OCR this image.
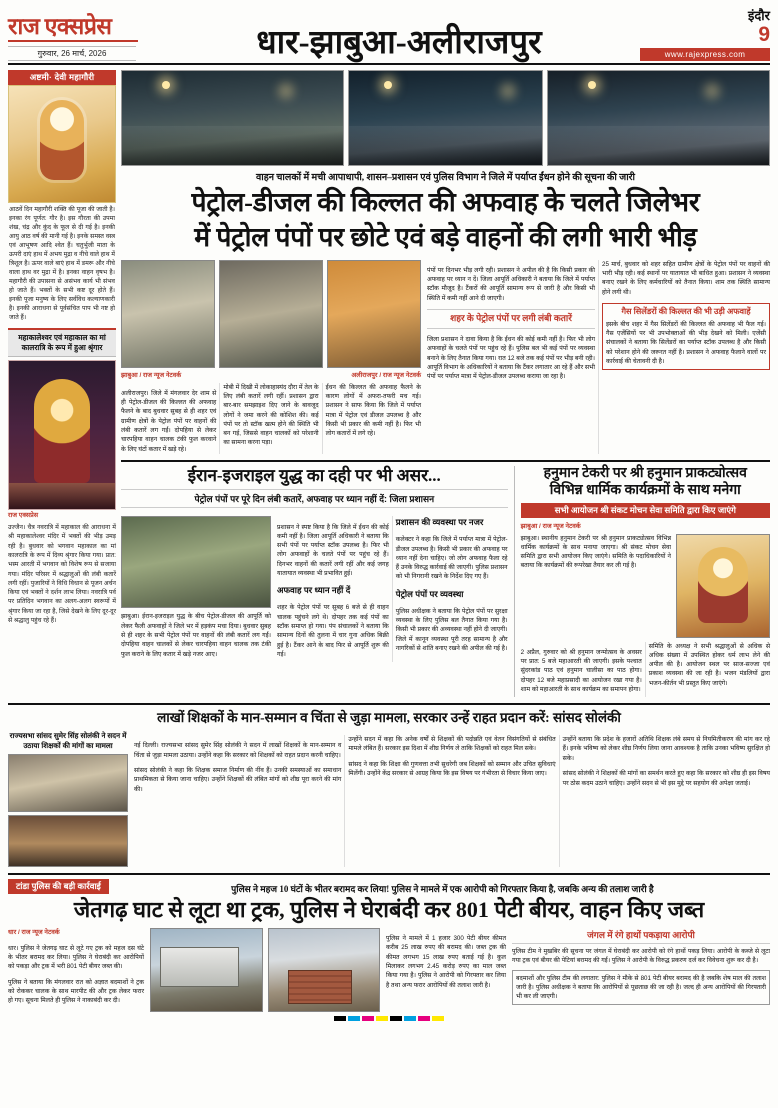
राज एक्सप्रेस
गुरुवार, 26 मार्च, 2026	धार-झाबुआ-अलीराजपुर
इंदौर
9
www.rajexpress.com
अष्टमी· देवी महागौरी
आठवें दिन महागौरी शक्ति की पूजा की जाती है। इनका रंग पूर्णत: गौर है। इस गौरता की उपमा शंख, चंद्र और कुंद के फूल से दी गई है। इनकी आयु आठ वर्ष की मानी गई है। इनके समस्त वस्त्र एवं आभूषण आदि श्वेत हैं। चतुर्भुजी माता के ऊपरी दाएं हाथ में अभय मुद्रा व नीचे वाले हाथ में त्रिशूल है। ऊपर वाले बाएं हाथ में डमरू और नीचे वाला हाथ वर मुद्रा में है। इनका वाहन वृषभ है। महागौरी की उपासना से असंभव कार्य भी संभव हो जाते हैं। भक्तों के सभी कष्ट दूर होते हैं। इनकी पूजा मनुष्य के लिए सर्वविध कल्याणकारी है। इनकी आराधना से पूर्वसंचित पाप भी नष्ट हो जाते हैं।
महाकालेश्वर एवं महाकाल का मां कालरात्रि के रूप में हुआ श्रृंगार
राज एक्सप्रेस
उज्जैन। चैत्र नवरात्रि में महाकाल की आराधना में श्री महाकालेश्वर मंदिर में भक्तों की भीड़ उमड़ रही है। बुधवार को भगवान महाकाल का मां कालरात्रि के रूप में दिव्य श्रृंगार किया गया। प्रात: भस्म आरती में भगवान को विशेष रूप से सजाया गया। मंदिर परिसर में श्रद्धालुओं की लंबी कतारें लगी रहीं। पुजारियों ने विधि विधान से पूजन अर्चन किया एवं भक्तों ने दर्शन लाभ लिया। नवरात्रि पर्व पर प्रतिदिन भगवान का अलग-अलग स्वरूपों में श्रृंगार किया जा रहा है, जिसे देखने के लिए दूर-दूर से श्रद्धालु पहुंच रहे हैं।
वाहन चालकों में मची आपाधापी, शासन–प्रशासन एवं पुलिस विभाग ने जिले में पर्याप्त ईंधन होने की सूचना की जारी
पेट्रोल-डीजल की किल्लत की अफवाह के चलते जिलेभर
में पेट्रोल पंपों पर छोटे एवं बड़े वाहनों की लगी भारी भीड़
झाबुआ / राज न्यूज नेटवर्क	अलीराजपुर / राज न्यूज नेटवर्क

अलीराजपुर। जिले में मंगलवार देर शाम से ही पेट्रोल-डीजल की किल्लत की अफवाह फैलने के बाद बुधवार सुबह से ही शहर एवं ग्रामीण क्षेत्रों के पेट्रोल पंपों पर वाहनों की लंबी कतारें लग गईं। दोपहिया से लेकर चारपहिया वाहन चालक टंकी फुल करवाने के लिए घंटों कतार में खड़े रहे।

मोबी में दिखी में लोकाहास्यंद दौरा में तेल के लिए लंबी कतारें लगी रहीं। प्रशासन द्वारा बार-बार समझाइश दिए जाने के बावजूद लोगों ने जमा करने की कोशिश की। कई पंपों पर तो स्टॉक खत्म होने की स्थिति भी बन गई, जिससे वाहन चालकों को परेशानी का सामना करना पड़ा।

ईंधन की किल्लत की अफवाह फैलने के कारण लोगों में अफरा-तफरी मच गई। प्रशासन ने साफ किया कि जिले में पर्याप्त मात्रा में पेट्रोल एवं डीजल उपलब्ध है और किसी भी प्रकार की कमी नहीं है। फिर भी लोग कतारों में लगे रहे।

पंपों पर दिनभर भीड़ लगी रही। प्रशासन ने अपील की है कि किसी प्रकार की अफवाह पर ध्यान न दें। जिला आपूर्ति अधिकारी ने बताया कि जिले में पर्याप्त स्टॉक मौजूद है। टैंकरों की आपूर्ति सामान्य रूप से जारी है और किसी भी स्थिति में कमी नहीं आने दी जाएगी।

शहर के पेट्रोल पंपों पर लगी लंबी कतारें

जिला प्रशासन ने दावा किया है कि ईंधन की कोई कमी नहीं है। फिर भी लोग अफवाहों के चलते पंपों पर पहुंच रहे हैं। पुलिस बल भी कई पंपों पर व्यवस्था बनाने के लिए तैनात किया गया। रात 12 बजे तक कई पंपों पर भीड़ बनी रही। आपूर्ति विभाग के अधिकारियों ने बताया कि टैंकर लगातार आ रहे हैं और सभी पंपों पर पर्याप्त मात्रा में पेट्रोल-डीजल उपलब्ध कराया जा रहा है।

25 मार्च, बुधवार को शहर सहित ग्रामीण क्षेत्रों के पेट्रोल पंपों पर वाहनों की भारी भीड़ रही। कई स्थानों पर यातायात भी बाधित हुआ। प्रशासन ने व्यवस्था बनाए रखने के लिए कर्मचारियों को तैनात किया। शाम तक स्थिति सामान्य होने लगी थी।

गैस सिलेंडरों की किल्लत की भी उड़ी अफवाहें
इसके बीच शहर में गैस सिलेंडरों की किल्लत की अफवाह भी फैल गई। गैस एजेंसियों पर भी उपभोक्ताओं की भीड़ देखने को मिली। एजेंसी संचालकों ने बताया कि सिलेंडरों का पर्याप्त स्टॉक उपलब्ध है और किसी को परेशान होने की जरूरत नहीं है। प्रशासन ने अफवाह फैलाने वालों पर कार्रवाई की चेतावनी दी है।
ईरान-इजराइल युद्ध का दही पर भी असर...
पेट्रोल पंपों पर पूरे दिन लंबी कतारें, अफवाह पर ध्यान नहीं दें: जिला प्रशासन
झाबुआ। ईरान-इजराइल युद्ध के बीच पेट्रोल-डीजल की आपूर्ति को लेकर फैली अफवाहों ने जिले भर में हड़कंप मचा दिया। बुधवार सुबह से ही शहर के सभी पेट्रोल पंपों पर वाहनों की लंबी कतारें लग गईं। दोपहिया वाहन चालकों से लेकर चारपहिया वाहन चालक तक टंकी फुल कराने के लिए कतार में खड़े नजर आए।

प्रशासन ने स्पष्ट किया है कि जिले में ईंधन की कोई कमी नहीं है। जिला आपूर्ति अधिकारी ने बताया कि सभी पंपों पर पर्याप्त स्टॉक उपलब्ध है। फिर भी लोग अफवाहों के चलते पंपों पर पहुंच रहे हैं। दिनभर वाहनों की कतारें लगी रहीं और कई जगह यातायात व्यवस्था भी प्रभावित हुई।

अफवाह पर ध्यान नहीं दें

शहर के पेट्रोल पंपों पर सुबह 6 बजे से ही वाहन चालक पहुंचने लगे थे। दोपहर तक कई पंपों का स्टॉक समाप्त हो गया। पंप संचालकों ने बताया कि सामान्य दिनों की तुलना में चार गुना अधिक बिक्री हुई है। टैंकर आने के बाद फिर से आपूर्ति शुरू की गई।

प्रशासन की व्यवस्था पर नजर

कलेक्टर ने कहा कि जिले में पर्याप्त मात्रा में पेट्रोल-डीजल उपलब्ध है। किसी भी प्रकार की अफवाह पर ध्यान नहीं देना चाहिए। जो लोग अफवाह फैला रहे हैं उनके विरुद्ध कार्रवाई की जाएगी। पुलिस प्रशासन को भी निगरानी रखने के निर्देश दिए गए हैं।

पेट्रोल पंपों पर व्यवस्था

पुलिस अधीक्षक ने बताया कि पेट्रोल पंपों पर सुरक्षा व्यवस्था के लिए पुलिस बल तैनात किया गया है। किसी भी प्रकार की अव्यवस्था नहीं होने दी जाएगी। जिले में कानून व्यवस्था पूरी तरह सामान्य है और नागरिकों से शांति बनाए रखने की अपील की गई है।

हनुमान टेकरी पर श्री हनुमान प्राकट्योत्सव
विभिन्न धार्मिक कार्यक्रमों के साथ मनेगा
सभी आयोजन श्री संकट मोचन सेवा समिति द्वारा किए जाएंगे
झाबुआ / राज न्यूज नेटवर्क
झाबुआ। स्थानीय हनुमान टेकरी पर श्री हनुमान प्राकट्योत्सव विभिन्न धार्मिक कार्यक्रमों के साथ मनाया जाएगा। श्री संकट मोचन सेवा समिति द्वारा सभी आयोजन किए जाएंगे। समिति के पदाधिकारियों ने बताया कि कार्यक्रमों की रूपरेखा तैयार कर ली गई है।

2 अप्रैल, गुरुवार को श्री हनुमान जन्मोत्सव के अवसर पर प्रात: 5 बजे महाआरती की जाएगी। इसके पश्चात सुंदरकांड पाठ एवं हनुमान चालीसा का पाठ होगा। दोपहर 12 बजे महाप्रसादी का आयोजन रखा गया है। शाम को महाआरती के साथ कार्यक्रम का समापन होगा।

समिति के अध्यक्ष ने सभी श्रद्धालुओं से अधिक से अधिक संख्या में उपस्थित होकर धर्म लाभ लेने की अपील की है। आयोजन स्थल पर साज-सज्जा एवं प्रकाश व्यवस्था की जा रही है। भजन मंडलियों द्वारा भजन-कीर्तन भी प्रस्तुत किए जाएंगे।

लाखों शिक्षकों के मान-सम्मान व चिंता से जुड़ा मामला, सरकार उन्हें राहत प्रदान करें: सांसद सोलंकी
राज्यसभा सांसद सुमेर सिंह सोलंकी ने सदन में उठाया शिक्षकों की मांगों का मामला	नई दिल्ली। राज्यसभा सांसद सुमेर सिंह सोलंकी ने सदन में लाखों शिक्षकों के मान-सम्मान व चिंता से जुड़ा मामला उठाया। उन्होंने कहा कि सरकार को शिक्षकों को राहत प्रदान करनी चाहिए।

सांसद सोलंकी ने कहा कि शिक्षक समाज निर्माण की नींव हैं। उनकी समस्याओं का समाधान प्राथमिकता से किया जाना चाहिए। उन्होंने शिक्षकों की लंबित मांगों को शीघ्र पूरा करने की मांग की।

उन्होंने सदन में कहा कि अनेक वर्षों से शिक्षकों की पदोन्नति एवं वेतन विसंगतियों से संबंधित मामले लंबित हैं। सरकार इस दिशा में शीघ्र निर्णय ले ताकि शिक्षकों को राहत मिल सके।

सांसद ने कहा कि शिक्षा की गुणवत्ता तभी सुधरेगी जब शिक्षकों को सम्मान और उचित सुविधाएं मिलेंगी। उन्होंने केंद्र सरकार से आग्रह किया कि इस विषय पर गंभीरता से विचार किया जाए।

उन्होंने बताया कि प्रदेश के हजारों अतिथि शिक्षक लंबे समय से नियमितीकरण की मांग कर रहे हैं। इनके भविष्य को लेकर शीघ्र निर्णय लिया जाना आवश्यक है ताकि उनका भविष्य सुरक्षित हो सके।

सांसद सोलंकी ने शिक्षकों की मांगों का समर्थन करते हुए कहा कि सरकार को शीघ्र ही इस विषय पर ठोस कदम उठाने चाहिए। उन्होंने सदन से भी इस मुद्दे पर सहयोग की अपेक्षा जताई।

टांडा पुलिस की बड़ी कार्रवाई	पुलिस ने महज 10 घंटों के भीतर बरामद कर लिया! पुलिस ने मामले में एक आरोपी को गिरफ्तार किया है, जबकि अन्य की तलाश जारी है
जेतगढ़ घाट से लूटा था ट्रक, पुलिस ने घेराबंदी कर 801 पेटी बीयर, वाहन किए जब्त
धार / राज न्यूज नेटवर्क

धार। पुलिस ने जेतगढ़ घाट से लूटे गए ट्रक को महज दस घंटे के भीतर बरामद कर लिया। पुलिस ने घेराबंदी कर आरोपियों को पकड़ा और ट्रक में भरी 801 पेटी बीयर जब्त की।

पुलिस ने बताया कि मंगलवार रात को अज्ञात बदमाशों ने ट्रक को रोककर चालक के साथ मारपीट की और ट्रक लेकर फरार हो गए। सूचना मिलते ही पुलिस ने नाकाबंदी कर दी।

पुलिस ने मामले में 1 हजार 300 पेटी बीयर कीमत करीब 25 लाख रुपए की बरामद की। जब्त ट्रक की कीमत लगभग 15 लाख रुपए बताई गई है। कुल मिलाकर लगभग 2.45 करोड़ रुपए का माल जब्त किया गया है। पुलिस ने आरोपी को गिरफ्तार कर लिया है तथा अन्य फरार आरोपियों की तलाश जारी है।

जंगल में रंगे हाथों पकड़ाया आरोपी
पुलिस टीम ने मुखबिर की सूचना पर जंगल में घेराबंदी कर आरोपी को रंगे हाथों पकड़ लिया। आरोपी के कब्जे से लूटा गया ट्रक एवं बीयर की पेटियां बरामद की गईं। पुलिस ने आरोपी के विरुद्ध प्रकरण दर्ज कर विवेचना शुरू कर दी है।
बदमाशों और पुलिस टीम की लगातार: पुलिस ने मौके से 801 पेटी बीयर बरामद की है जबकि शेष माल की तलाश जारी है। पुलिस अधीक्षक ने बताया कि आरोपियों से पूछताछ की जा रही है। जल्द ही अन्य आरोपियों की गिरफ्तारी भी कर ली जाएगी।
